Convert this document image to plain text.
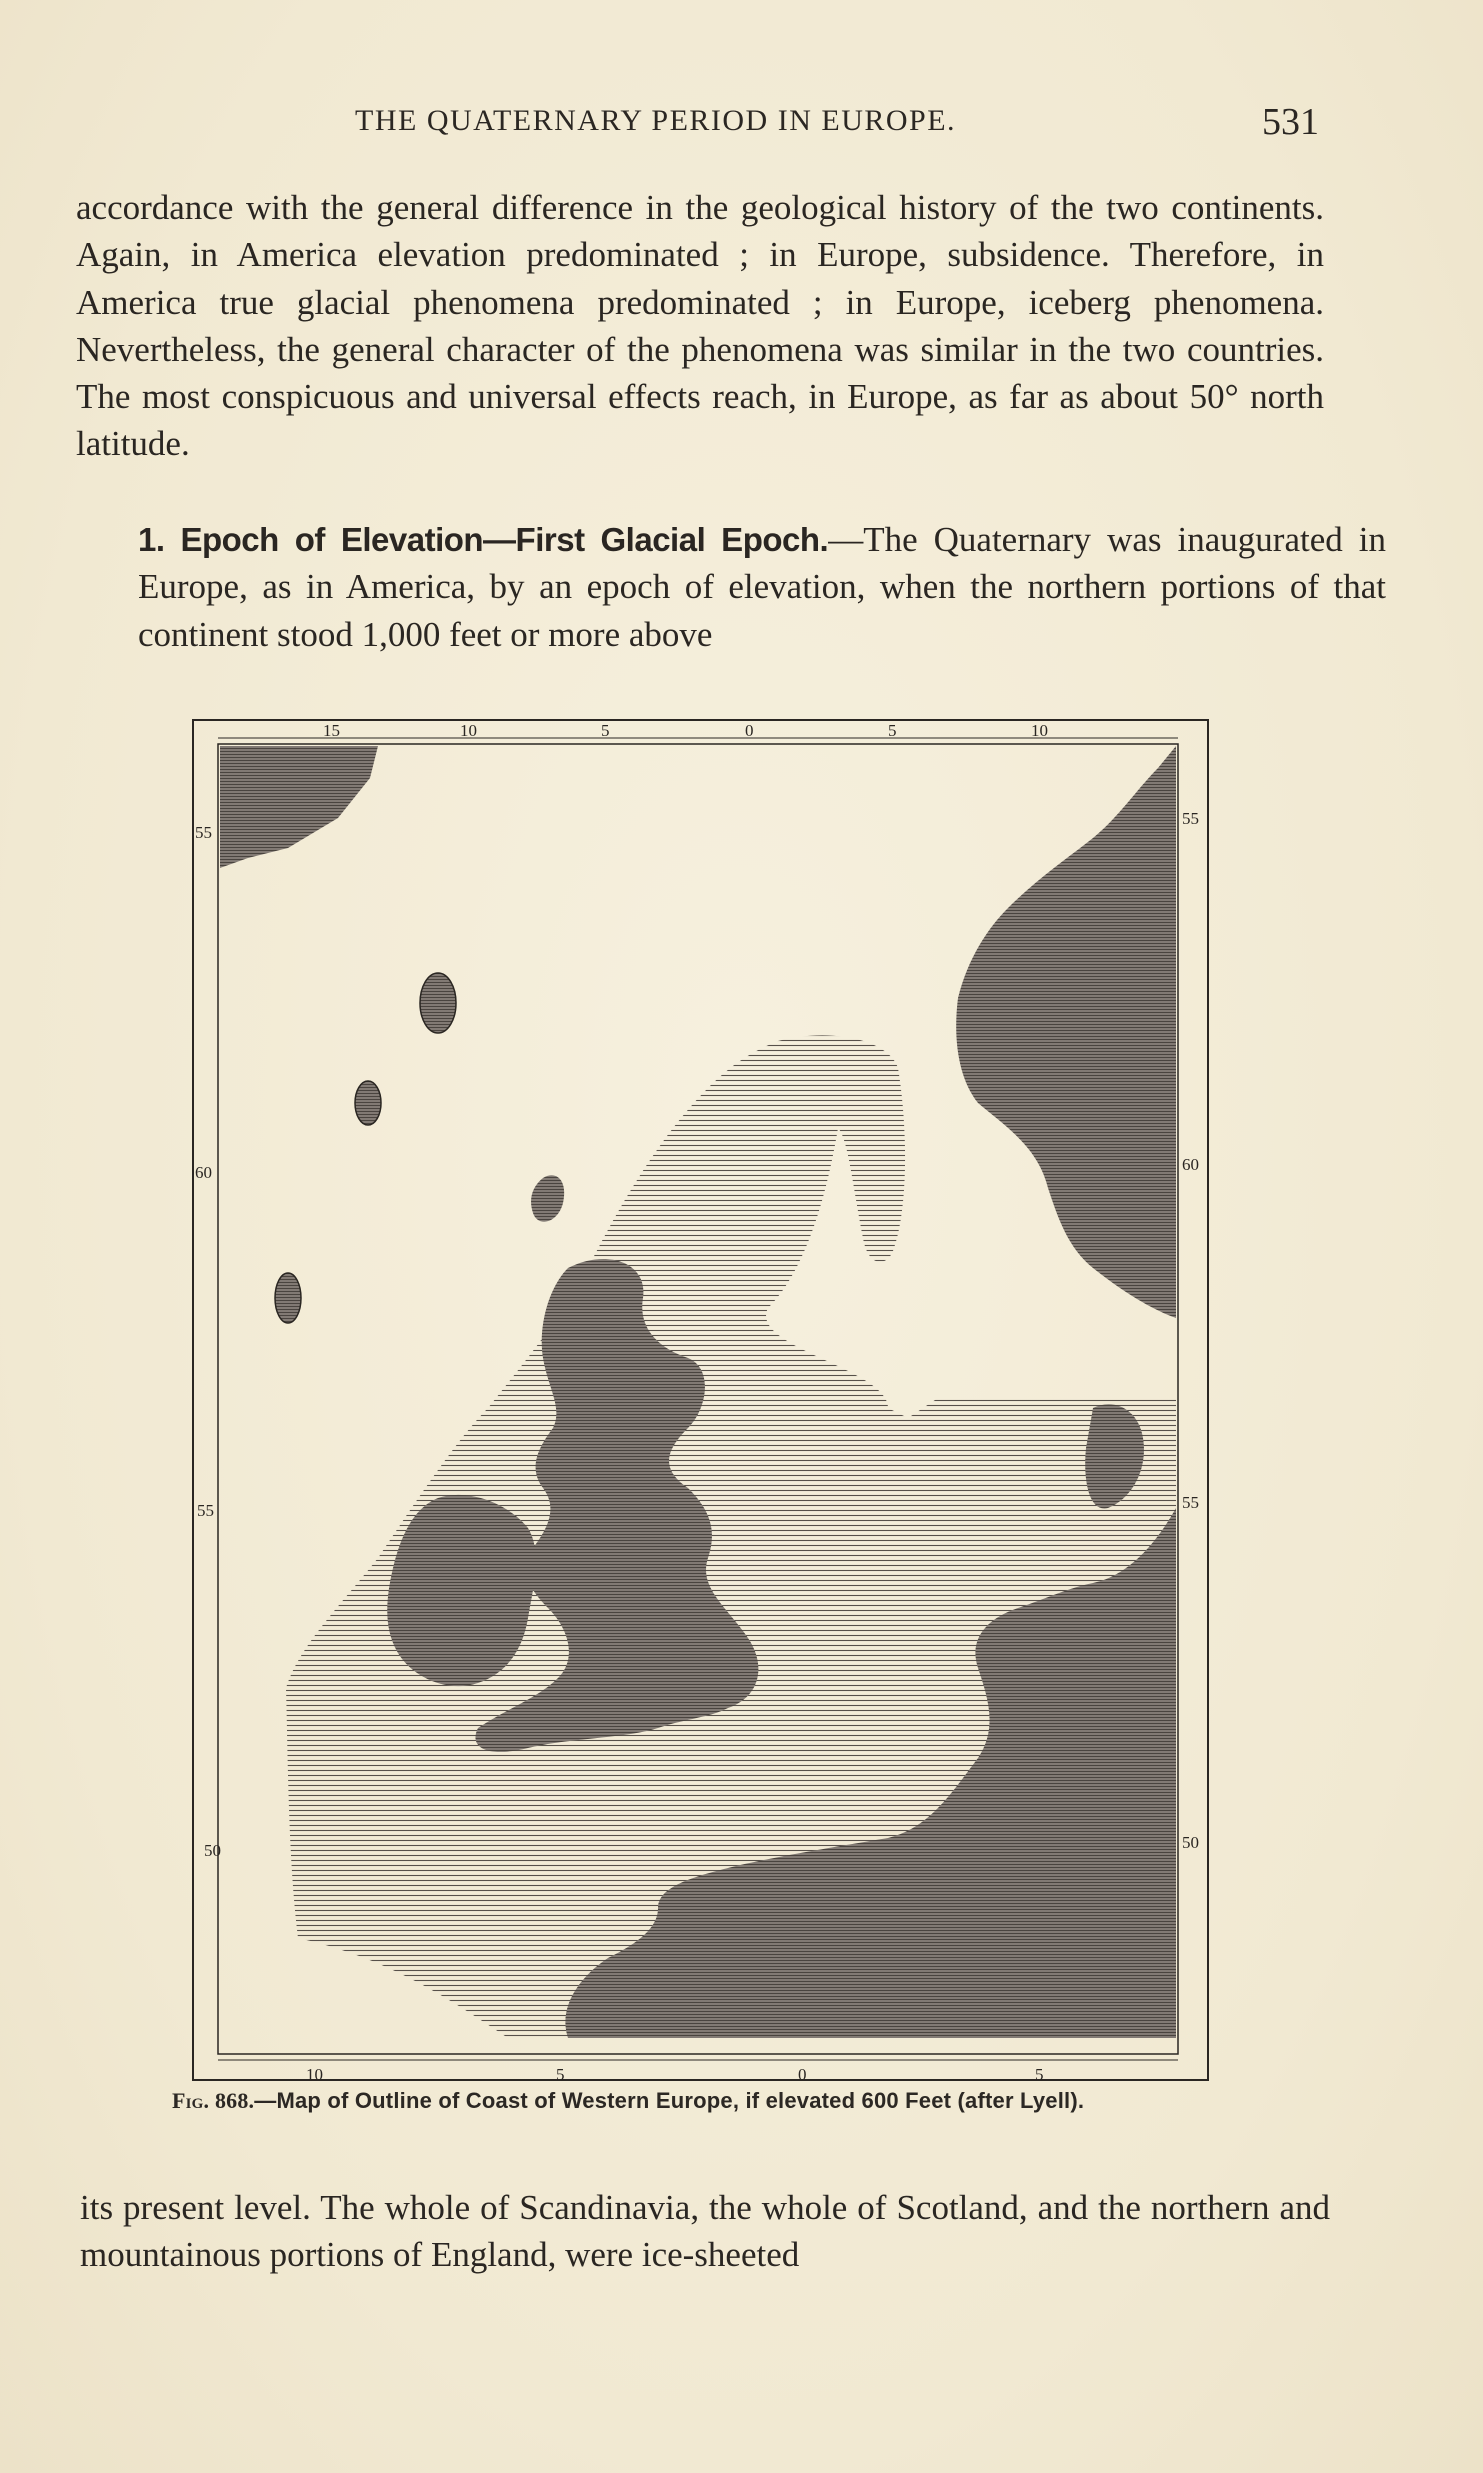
THE QUATERNARY PERIOD IN EUROPE.	531
accordance with the general difference in the geological history of the two continents. Again, in America elevation predominated ; in Europe, subsidence. Therefore, in America true glacial phenomena predominated ; in Europe, iceberg phenomena. Nevertheless, the general character of the phenomena was similar in the two countries. The most conspicuous and universal effects reach, in Europe, as far as about 50° north latitude.
1. Epoch of Elevation—First Glacial Epoch.—The Quaternary was inaugurated in Europe, as in America, by an epoch of elevation, when the northern portions of that continent stood 1,000 feet or more above
15	10	5	0	5	10
10	5	0	5
55
60
55
50
55
60
55
50
Fig. 868.—Map of Outline of Coast of Western Europe, if elevated 600 Feet (after Lyell).
its present level. The whole of Scandinavia, the whole of Scotland, and the northern and mountainous portions of England, were ice-sheeted
